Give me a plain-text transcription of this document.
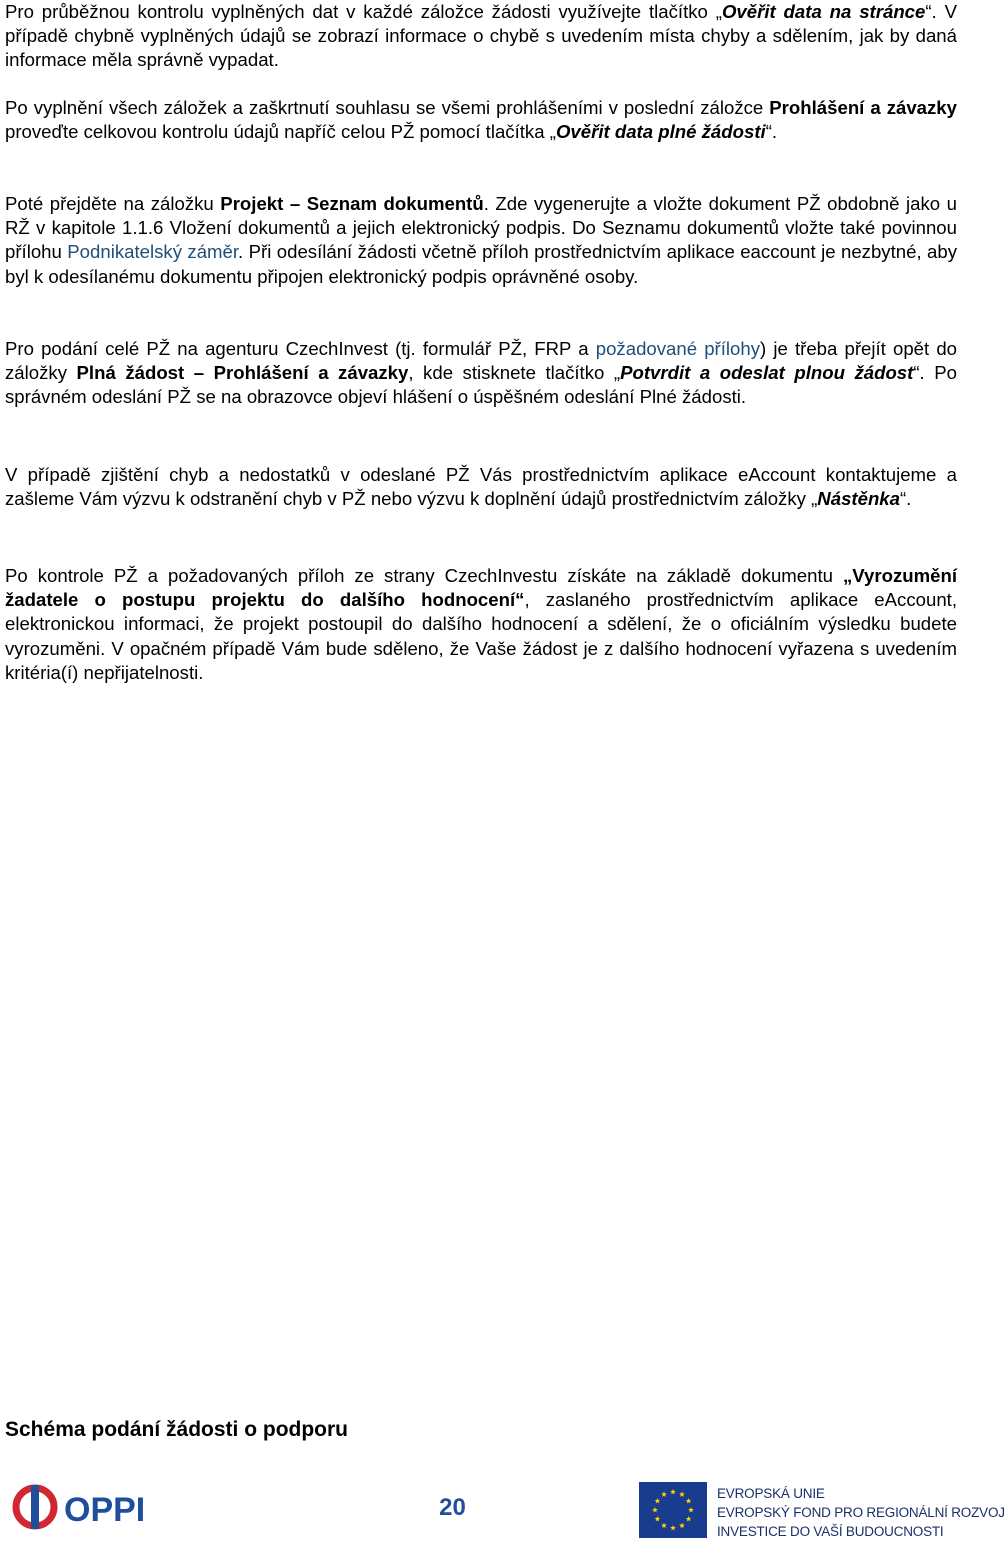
Pro průběžnou kontrolu vyplněných dat v každé záložce žádosti využívejte tlačítko „Ověřit data na stránce“. V případě chybně vyplněných údajů se zobrazí informace o chybě s uvedením místa chyby a sdělením, jak by daná informace měla správně vypadat.

Po vyplnění všech záložek a zaškrtnutí souhlasu se všemi prohlášeními v poslední záložce Prohlášení a závazky proveďte celkovou kontrolu údajů napříč celou PŽ pomocí tlačítka „Ověřit data plné žádosti“.

Poté přejděte na záložku Projekt – Seznam dokumentů. Zde vygenerujte a vložte dokument PŽ obdobně jako u RŽ v kapitole 1.1.6 Vložení dokumentů a jejich elektronický podpis. Do Seznamu dokumentů vložte také povinnou přílohu Podnikatelský záměr. Při odesílání žádosti včetně příloh prostřednictvím aplikace eaccount je nezbytné, aby byl k odesílanému dokumentu připojen elektronický podpis oprávněné osoby.

Pro podání celé PŽ na agenturu CzechInvest (tj. formulář PŽ, FRP a požadované přílohy) je třeba přejít opět do záložky Plná žádost – Prohlášení a závazky, kde stisknete tlačítko „Potvrdit a odeslat plnou žádost“. Po správném odeslání PŽ se na obrazovce objeví hlášení o úspěšném odeslání Plné žádosti.

V případě zjištění chyb a nedostatků v odeslané PŽ Vás prostřednictvím aplikace eAccount kontaktujeme a zašleme Vám výzvu k odstranění chyb v PŽ nebo výzvu k doplnění údajů prostřednictvím záložky „Nástěnka“.

Po kontrole PŽ a požadovaných příloh ze strany CzechInvestu získáte na základě dokumentu „Vyrozumění žadatele o postupu projektu do dalšího hodnocení“, zaslaného prostřednictvím aplikace eAccount, elektronickou informaci, že projekt postoupil do dalšího hodnocení a sdělení, že o oficiálním výsledku budete vyrozuměni. V opačném případě Vám bude sděleno, že Vaše žádost je z dalšího hodnocení vyřazena s uvedením kritéria(í) nepřijatelnosti.

Schéma podání žádosti o podporu
OPPI	20
EVROPSKÁ UNIE
EVROPSKÝ FOND PRO REGIONÁLNÍ ROZVOJ
INVESTICE DO VAŠÍ BUDOUCNOSTI
